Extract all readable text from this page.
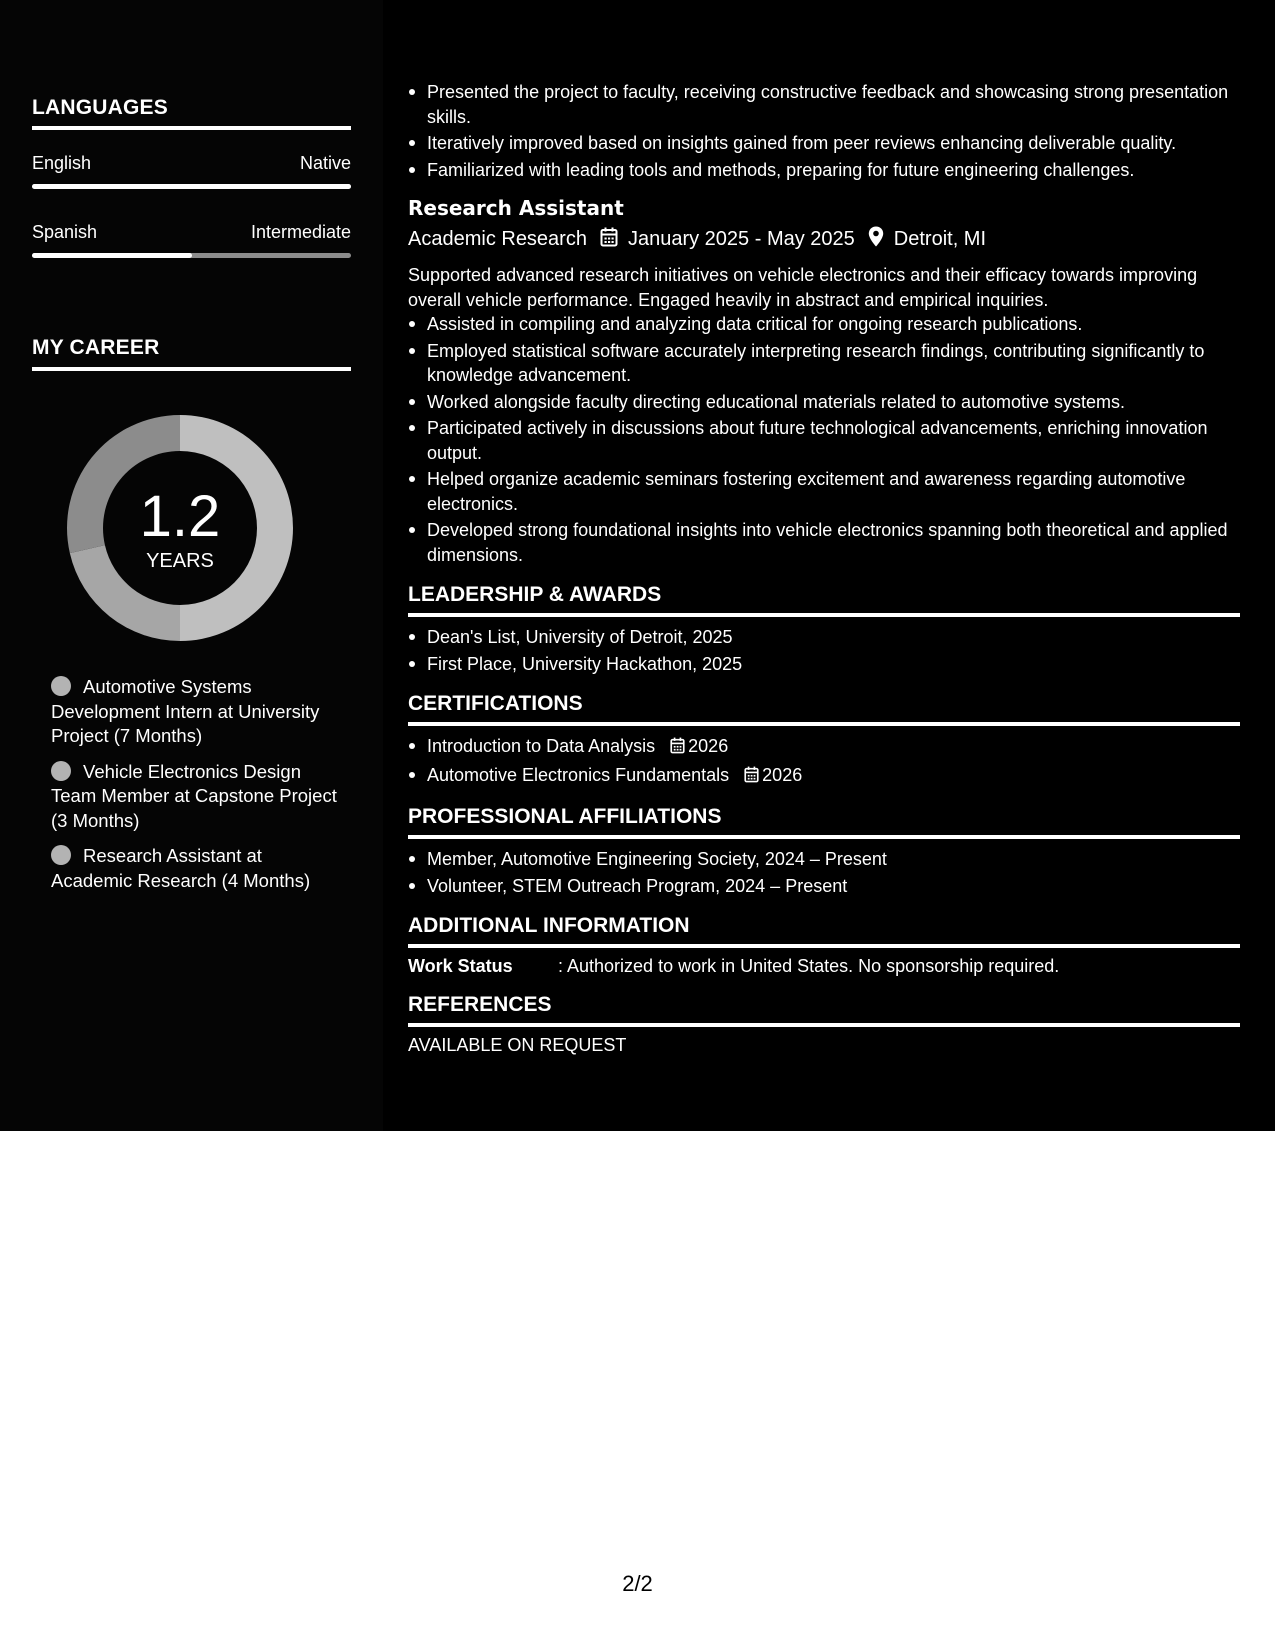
LANGUAGES
English	Native
Spanish	Intermediate
MY CAREER
1.2
YEARS
Automotive Systems Development Intern at University Project (7 Months)
Vehicle Electronics Design Team Member at Capstone Project (3 Months)
Research Assistant at Academic Research (4 Months)
Presented the project to faculty, receiving constructive feedback and showcasing strong presentation skills.
Iteratively improved based on insights gained from peer reviews enhancing deliverable quality.
Familiarized with leading tools and methods, preparing for future engineering challenges.
Research Assistant
Academic Research January 2025 - May 2025 Detroit, MI
Supported advanced research initiatives on vehicle electronics and their efficacy towards improving overall vehicle performance. Engaged heavily in abstract and empirical inquiries.
Assisted in compiling and analyzing data critical for ongoing research publications.
Employed statistical software accurately interpreting research findings, contributing significantly to knowledge advancement.
Worked alongside faculty directing educational materials related to automotive systems.
Participated actively in discussions about future technological advancements, enriching innovation output.
Helped organize academic seminars fostering excitement and awareness regarding automotive electronics.
Developed strong foundational insights into vehicle electronics spanning both theoretical and applied dimensions.
LEADERSHIP & AWARDS
Dean's List, University of Detroit, 2025
First Place, University Hackathon, 2025
CERTIFICATIONS
Introduction to Data Analysis 2026
Automotive Electronics Fundamentals 2026
PROFESSIONAL AFFILIATIONS
Member, Automotive Engineering Society, 2024 – Present
Volunteer, STEM Outreach Program, 2024 – Present
ADDITIONAL INFORMATION
Work Status	: Authorized to work in United States. No sponsorship required.
REFERENCES
AVAILABLE ON REQUEST
2/2
